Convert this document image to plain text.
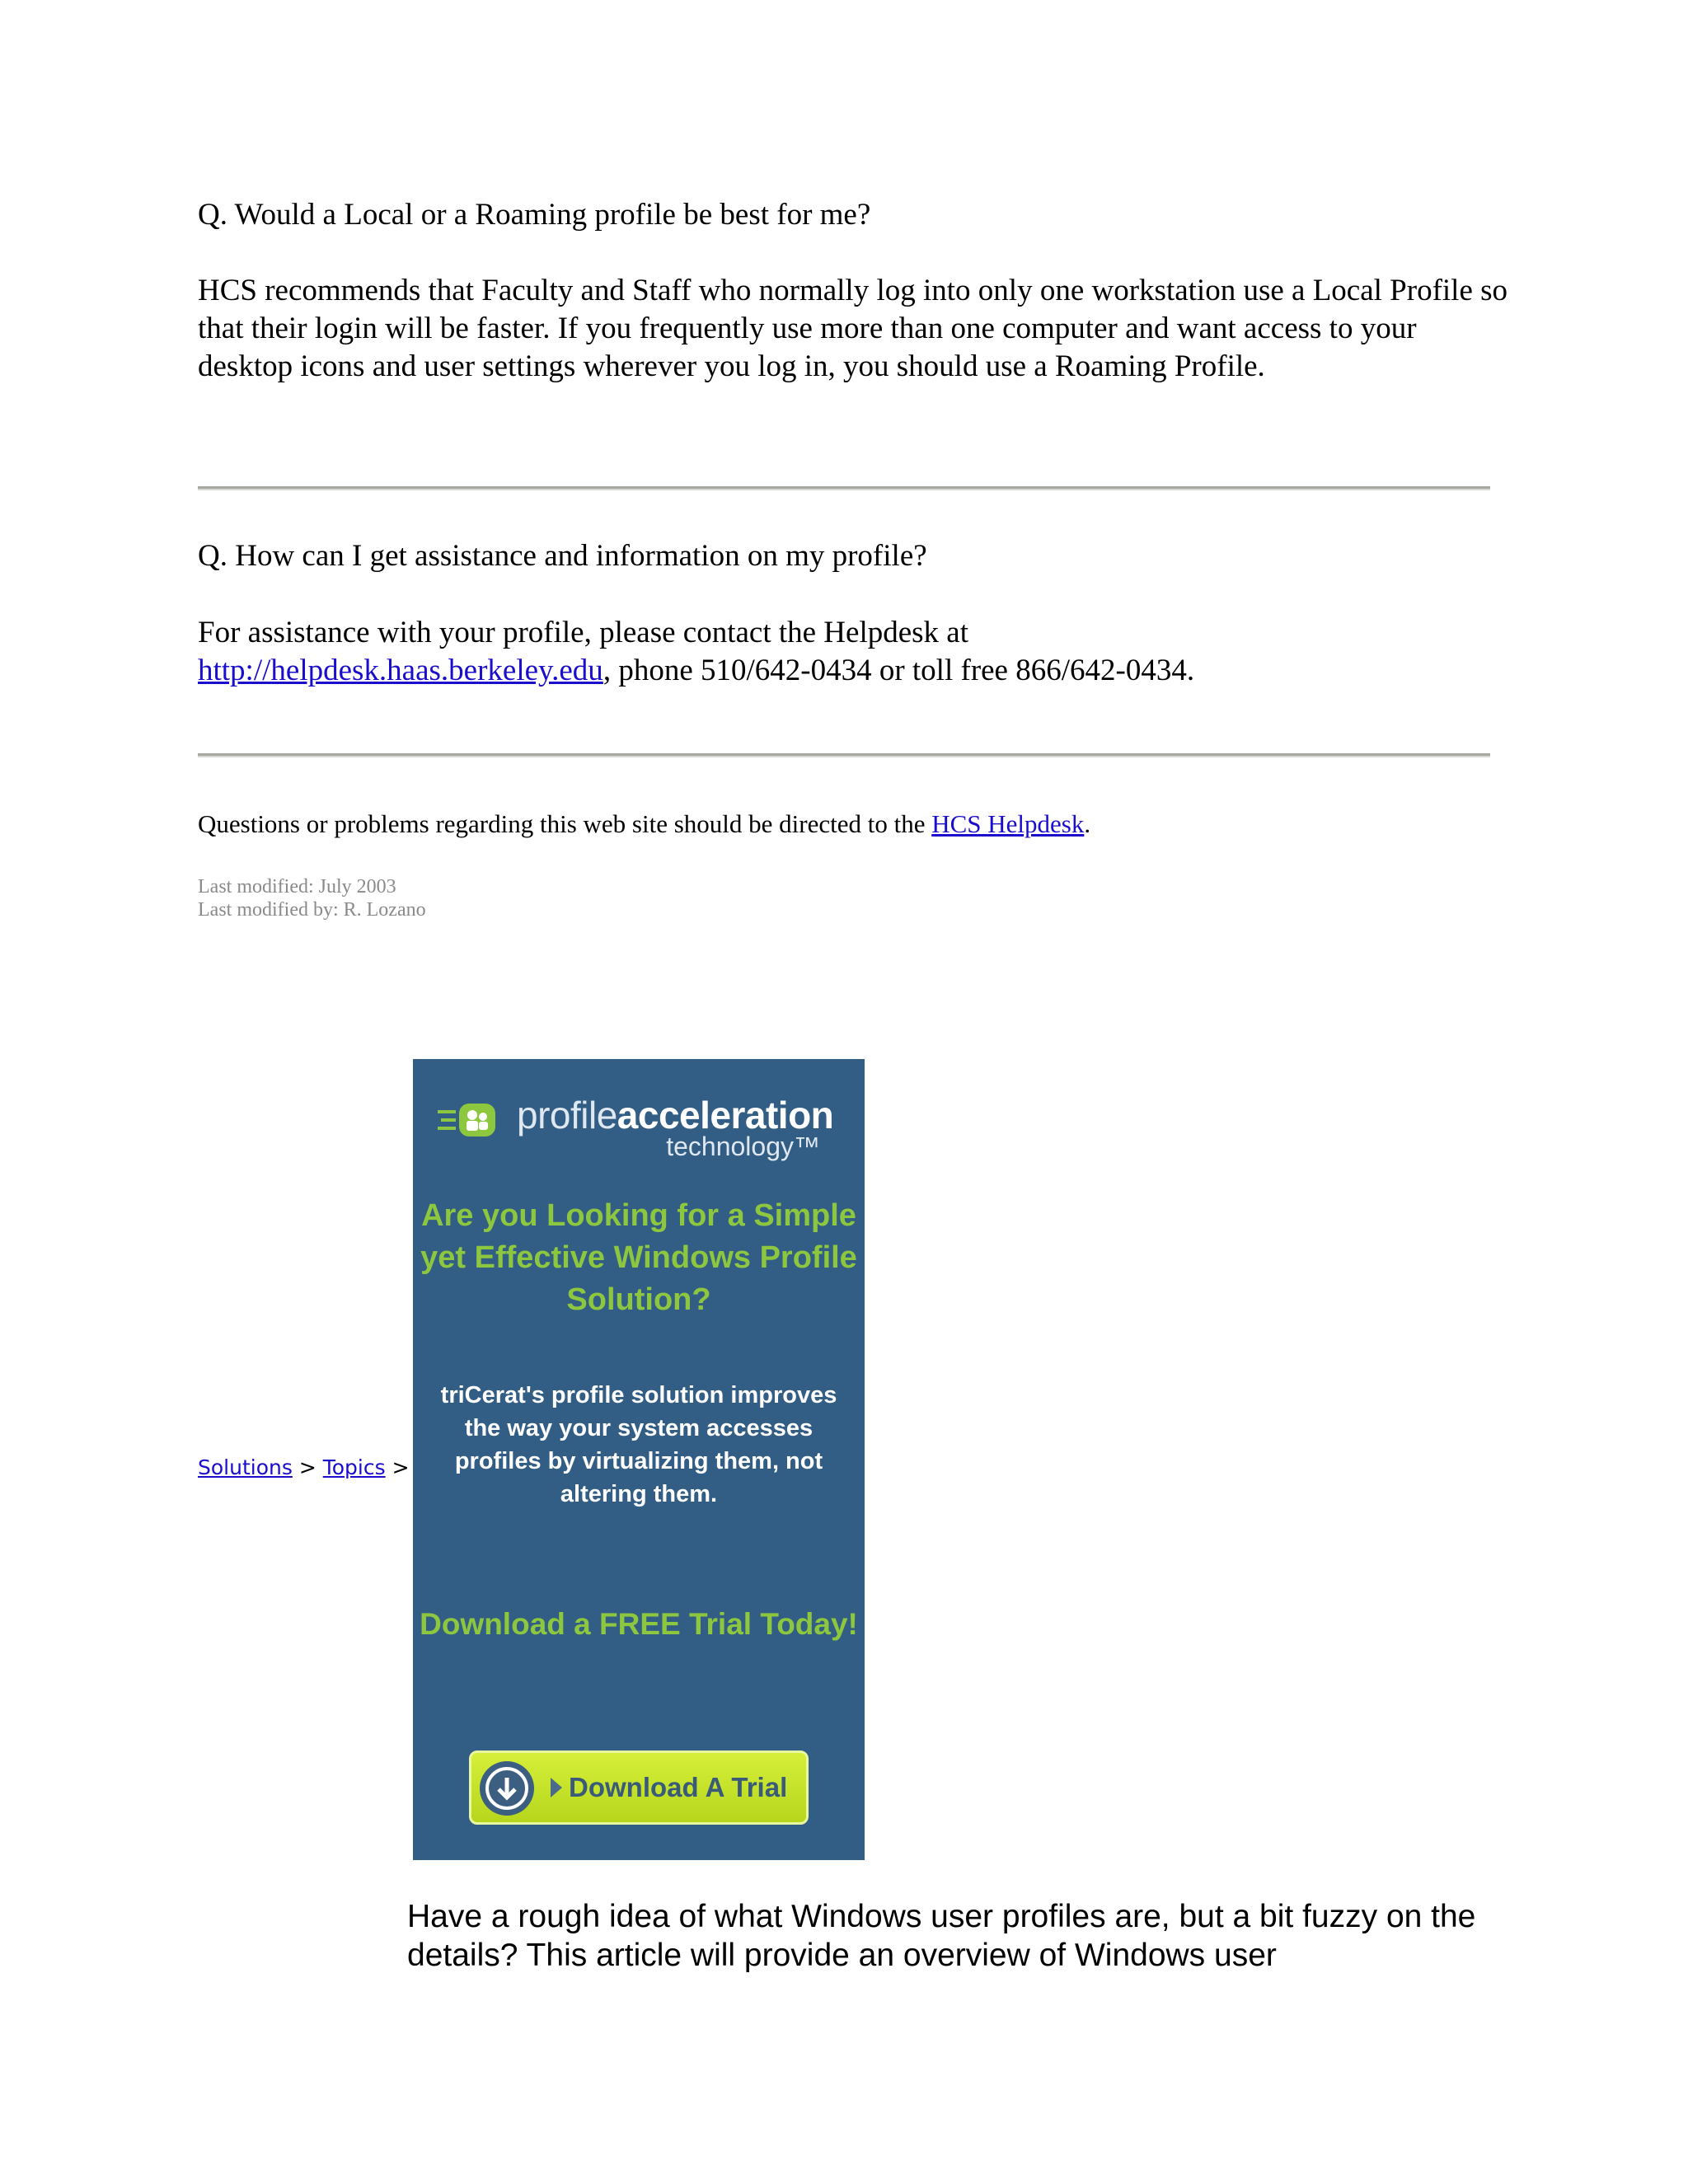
Q. Would a Local or a Roaming profile be best for me?
HCS recommends that Faculty and Staff who normally log into only one workstation use a Local Profile so that their login will be faster. If you frequently use more than one computer and want access to your desktop icons and user settings wherever you log in, you should use a Roaming Profile.
Q. How can I get assistance and information on my profile?
For assistance with your profile, please contact the Helpdesk at
http://helpdesk.haas.berkeley.edu, phone 510/642-0434 or toll free 866/642-0434.
Questions or problems regarding this web site should be directed to the HCS Helpdesk.
Last modified: July 2003
Last modified by: R. Lozano
Solutions > Topics >
profileacceleration
technology™
Are you Looking for a Simple yet Effective Windows Profile Solution?
triCerat's profile solution improves the way your system accesses profiles by virtualizing them, not altering them.
Download a FREE Trial Today!
Download A Trial
Have a rough idea of what Windows user profiles are, but a bit fuzzy on the details? This article will provide an overview of Windows user
